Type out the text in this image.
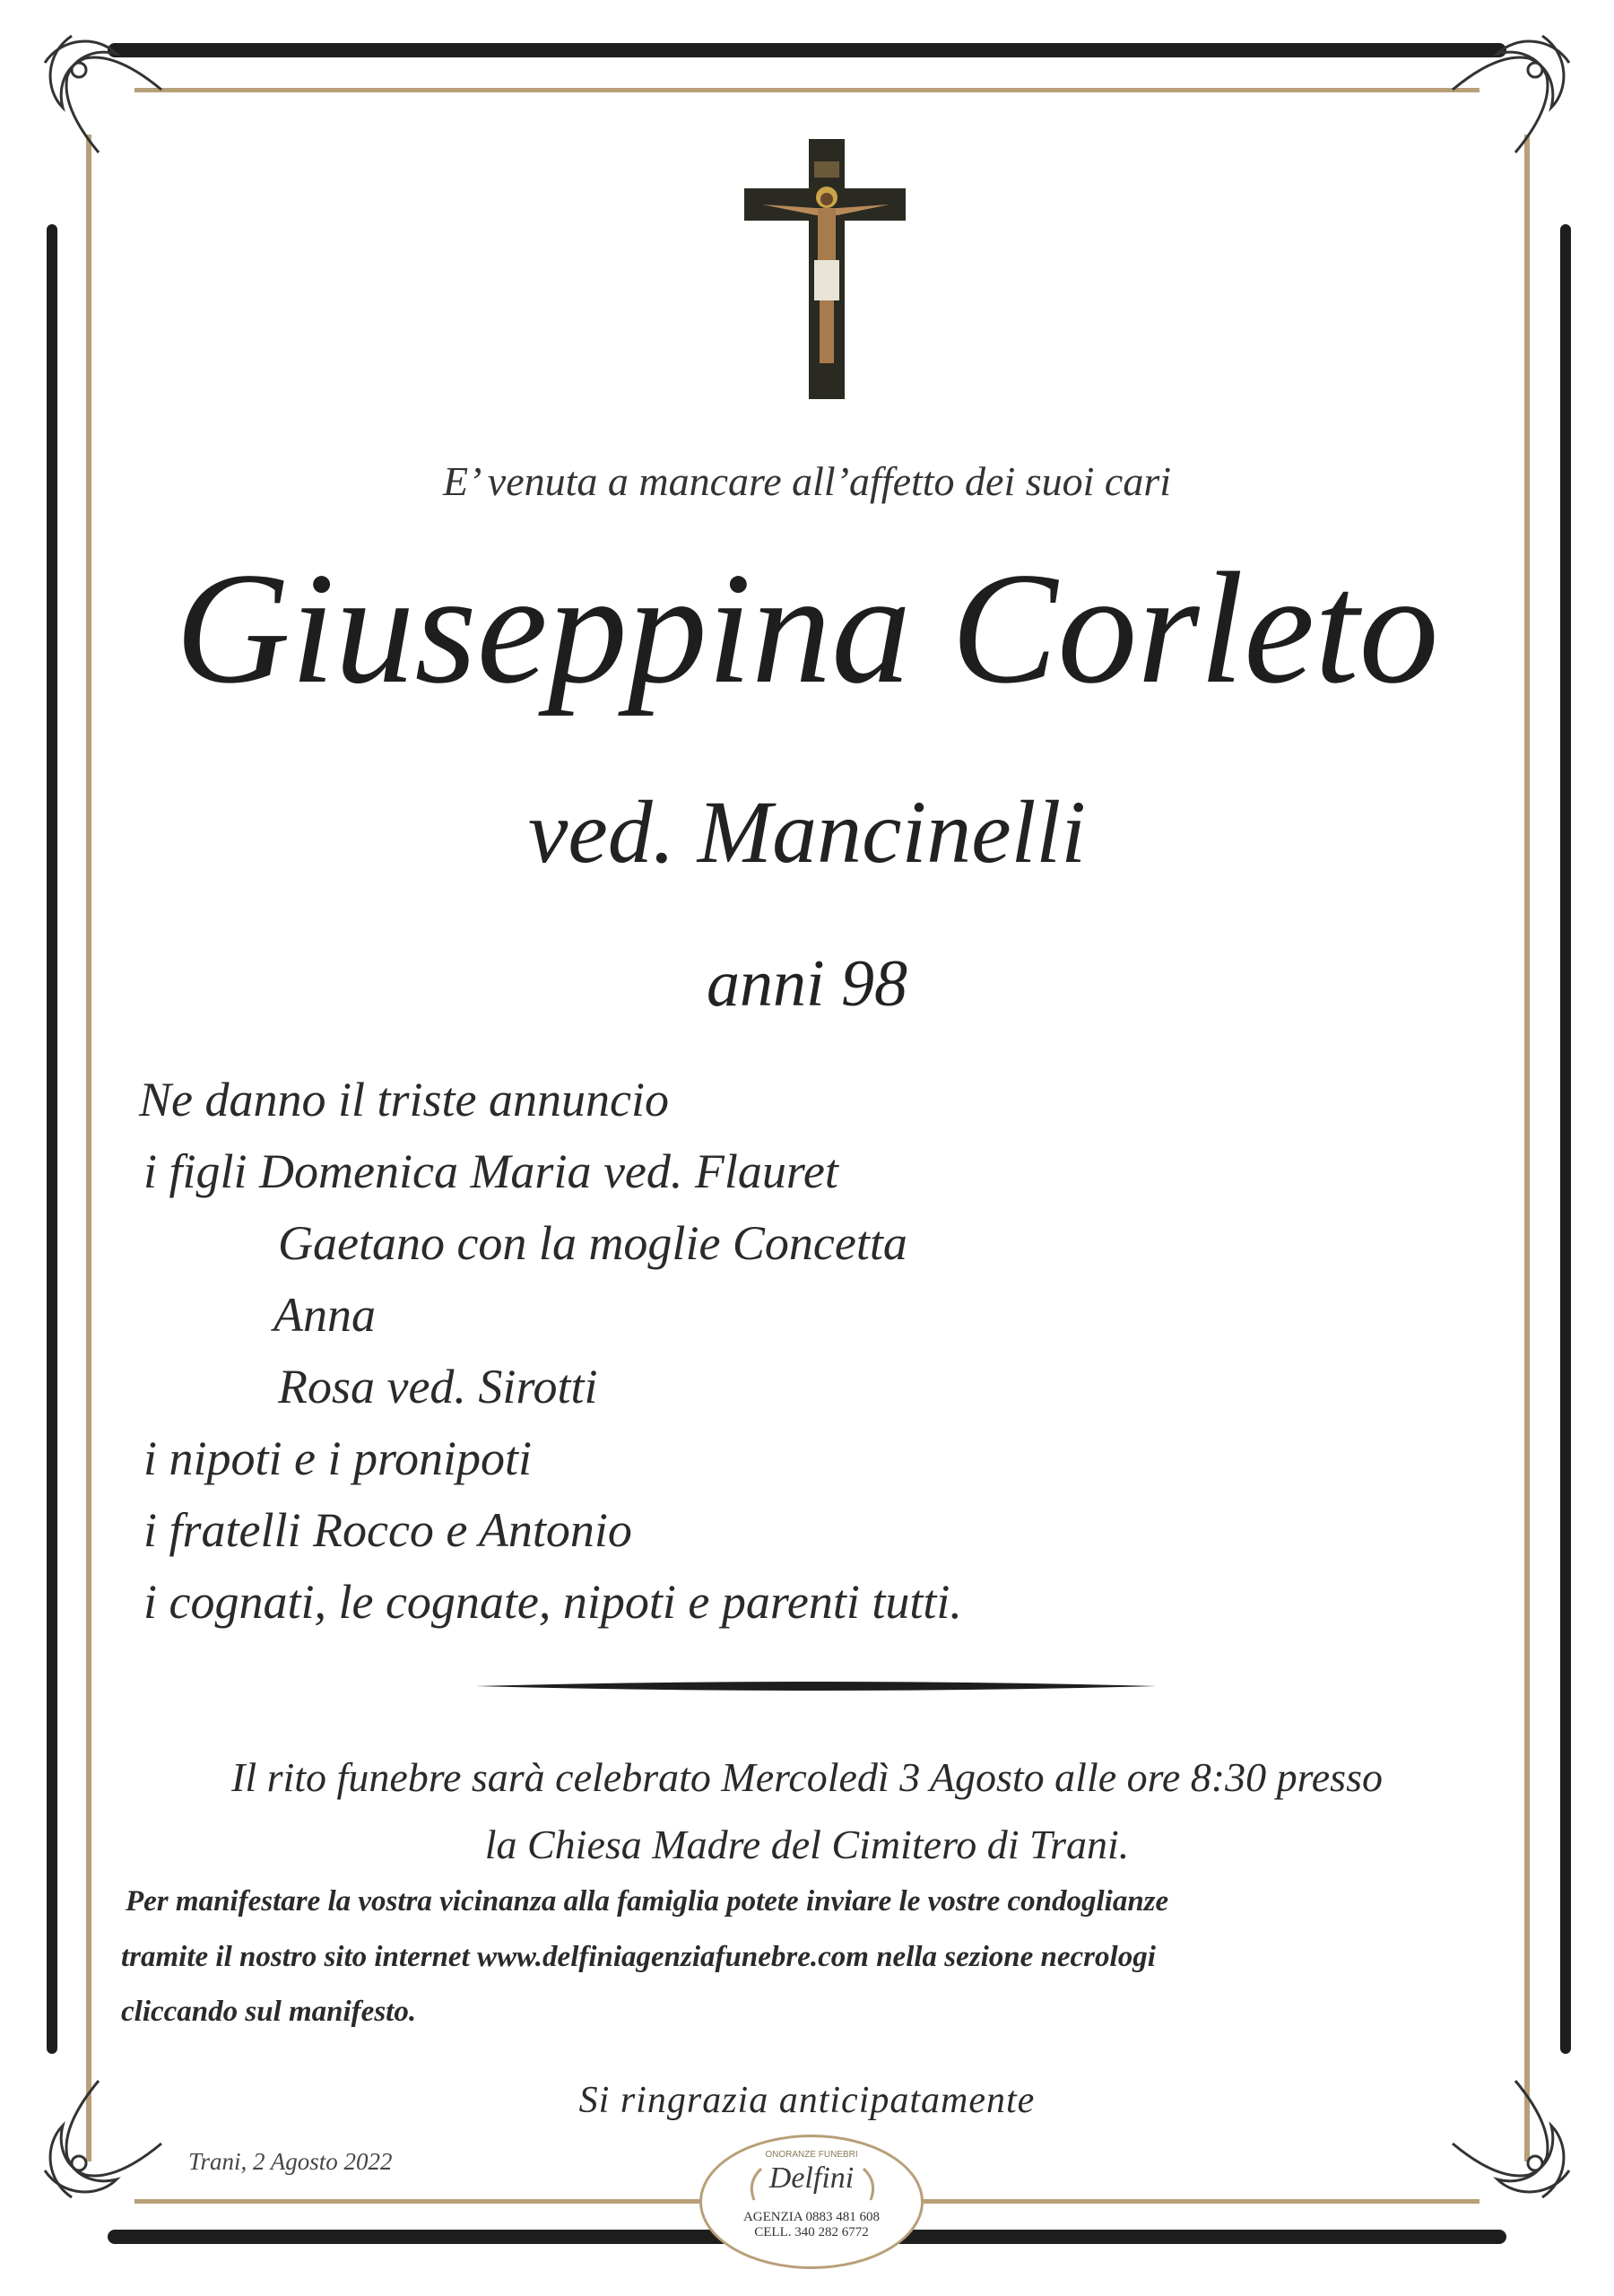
E’ venuta a mancare all’affetto dei suoi cari
Giuseppina Corleto
ved. Mancinelli
anni 98
Ne danno il triste annuncio
i figli Domenica Maria ved. Flauret
Gaetano con la moglie Concetta
Anna
Rosa ved. Sirotti
i nipoti e i pronipoti
i fratelli Rocco e Antonio
i cognati, le cognate, nipoti e parenti tutti.
Il rito funebre sarà celebrato Mercoledì 3 Agosto alle ore 8:30 presso
la Chiesa Madre del Cimitero di Trani.
Per manifestare la vostra vicinanza alla famiglia potete inviare le vostre condoglianze
tramite il nostro sito internet www.delfiniagenziafunebre.com nella sezione necrologi
cliccando sul manifesto.
Si ringrazia anticipatamente
Trani, 2 Agosto 2022	ONORANZE FUNEBRI
Delfini
AGENZIA 0883 481 608
CELL. 340 282 6772
